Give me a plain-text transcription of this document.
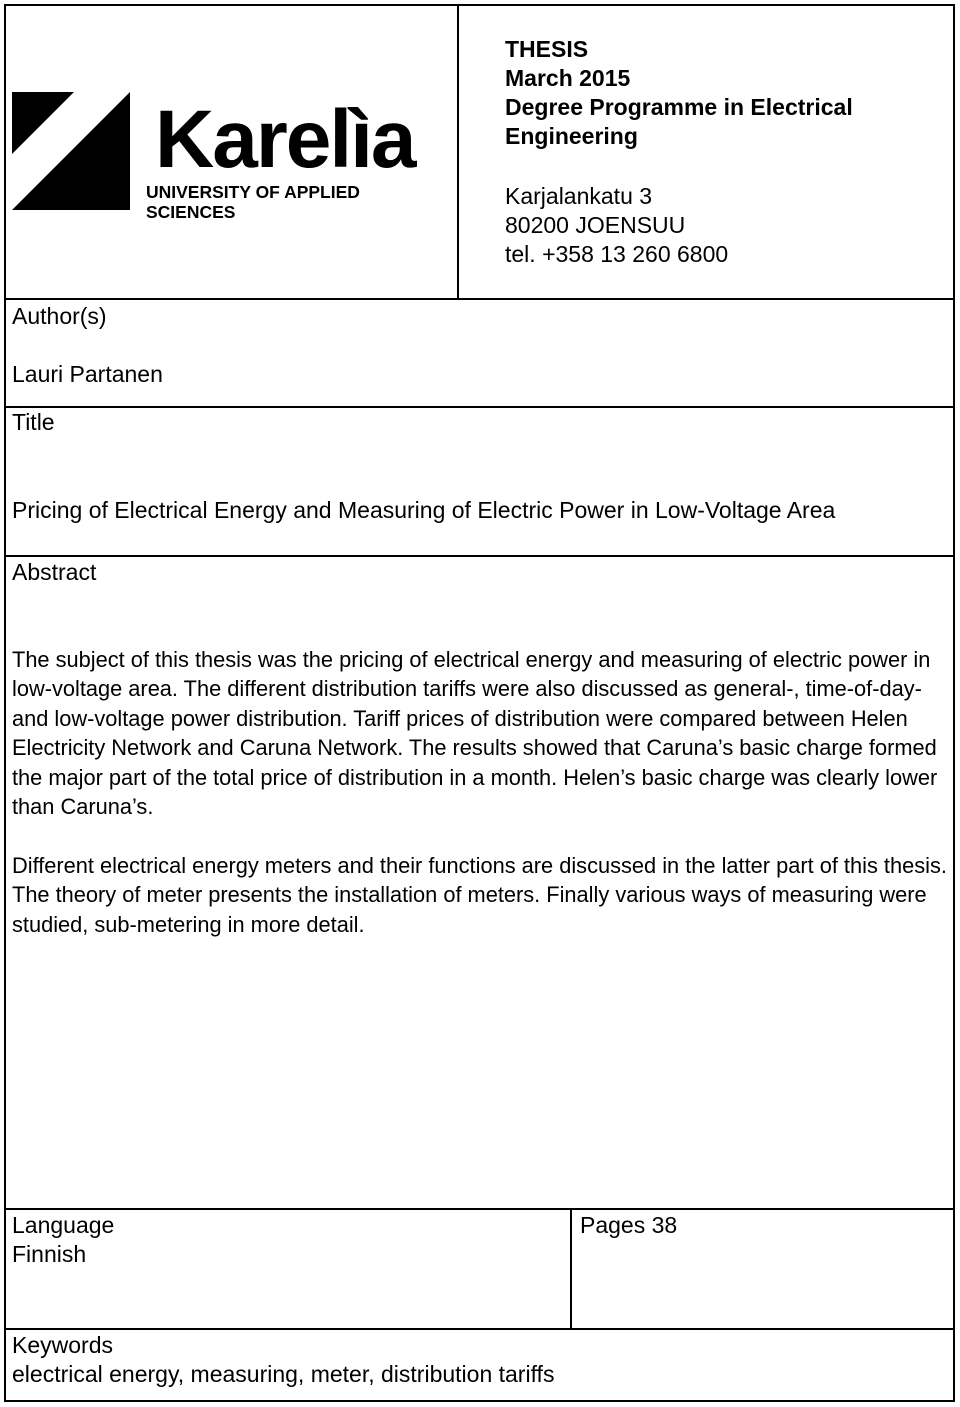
Karelìa
UNIVERSITY OF APPLIED SCIENCES
THESIS
March 2015
Degree Programme in Electrical
Engineering
Karjalankatu 3
80200 JOENSUU
tel. +358 13 260 6800
Author(s)
Lauri Partanen
Title
Pricing of Electrical Energy and Measuring of Electric Power in Low-Voltage Area
Abstract

The subject of this thesis was the pricing of electrical energy and measuring of electric power in low-voltage area. The different distribution tariffs were also discussed as general-, time-of-day- and low-voltage power distribution. Tariff prices of distribution were compared between Helen Electricity Network and Caruna Network. The results showed that Caruna’s basic charge formed the major part of the total price of distribution in a month. Helen’s basic charge was clearly lower than Caruna’s.

Different electrical energy meters and their functions are discussed in the latter part of this thesis. The theory of meter presents the installation of meters. Finally various ways of measuring were studied, sub-metering in more detail.

Language
Finnish
Pages 38
Keywords
electrical energy, measuring, meter, distribution tariffs
